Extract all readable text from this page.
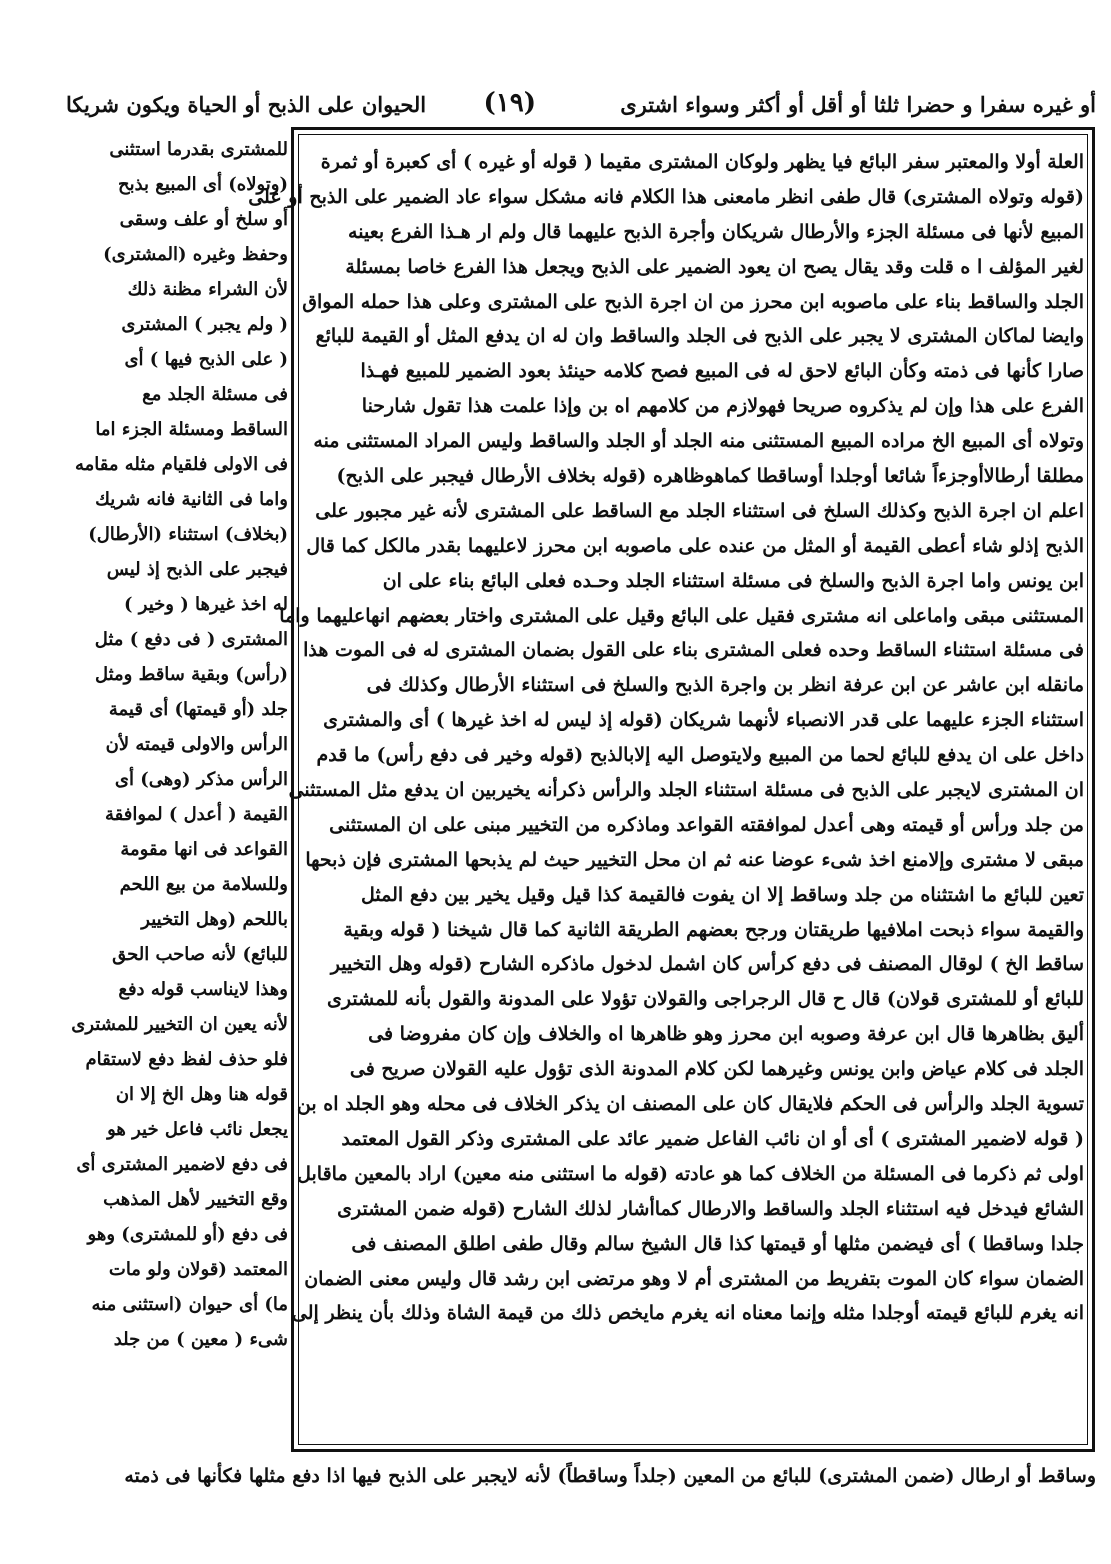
أو غيره سفرا و حضرا ثلثا أو أقل أو أكثر وسواء اشترى
(١٩)
الحيوان على الذبح أو الحياة ويكون شريكا
العلة أولا والمعتبر سفر البائع فيا يظهر ولوكان المشترى مقيما ( قوله أو غيره ) أى كعبرة أو ثمرة
(قوله وتولاه المشترى) قال طفى انظر مامعنى هذا الكلام فانه مشكل سواء عاد الضمير على الذبح أو على
المبيع لأنها فى مسئلة الجزء والأرطال شريكان وأجرة الذبح عليهما قال ولم ار هـذا الفرع بعينه
لغير المؤلف ا ه قلت وقد يقال يصح ان يعود الضمير على الذبح ويجعل هذا الفرع خاصا بمسئلة
الجلد والساقط بناء على ماصوبه ابن محرز من ان اجرة الذبح على المشترى وعلى هذا حمله المواق
وايضا لماكان المشترى لا يجبر على الذبح فى الجلد والساقط وان له ان يدفع المثل أو القيمة للبائع
صارا كأنها فى ذمته وكأن البائع لاحق له فى المبيع فصح كلامه حينئذ بعود الضمير للمبيع فهـذا
الفرع على هذا وإن لم يذكروه صريحا فهولازم من كلامهم اه بن وإذا علمت هذا تقول شارحنا
وتولاه أى المبيع الخ مراده المبيع المستثنى منه الجلد أو الجلد والساقط وليس المراد المستثنى منه
مطلقا أرطالاأوجزءاً شائعا أوجلدا أوساقطا كماهوظاهره (قوله بخلاف الأرطال فيجبر على الذبح)
اعلم ان اجرة الذبح وكذلك السلخ فى استثناء الجلد مع الساقط على المشترى لأنه غير مجبور على
الذبح إذلو شاء أعطى القيمة أو المثل من عنده على ماصوبه ابن محرز لاعليهما بقدر مالكل كما قال
ابن يونس واما اجرة الذبح والسلخ فى مسئلة استثناء الجلد وحـده فعلى البائع بناء على ان
المستثنى مبقى واماعلى انه مشترى فقيل على البائع وقيل على المشترى واختار بعضهم انهاعليهما واما
فى مسئلة استثناء الساقط وحده فعلى المشترى بناء على القول بضمان المشترى له فى الموت هذا
مانقله ابن عاشر عن ابن عرفة انظر بن واجرة الذبح والسلخ فى استثناء الأرطال وكذلك فى
استثناء الجزء عليهما على قدر الانصباء لأنهما شريكان (قوله إذ ليس له اخذ غيرها ) أى والمشترى
داخل على ان يدفع للبائع لحما من المبيع ولايتوصل اليه إلابالذبح (قوله وخير فى دفع رأس) ما قدم
ان المشترى لايجبر على الذبح فى مسئلة استثناء الجلد والرأس ذكرأنه يخيربين ان يدفع مثل المستثنى
من جلد ورأس أو قيمته وهى أعدل لموافقته القواعد وماذكره من التخيير مبنى على ان المستثنى
مبقى لا مشترى وإلامنع اخذ شىء عوضا عنه ثم ان محل التخيير حيث لم يذبحها المشترى فإن ذبحها
تعين للبائع ما اشتثناه من جلد وساقط إلا ان يفوت فالقيمة كذا قيل وقيل يخير بين دفع المثل
والقيمة سواء ذبحت املافيها طريقتان ورجح بعضهم الطريقة الثانية كما قال شيخنا ( قوله وبقية
ساقط الخ ) لوقال المصنف فى دفع كرأس كان اشمل لدخول ماذكره الشارح (قوله وهل التخيير
للبائع أو للمشترى قولان) قال ح قال الرجراجى والقولان تؤولا على المدونة والقول بأنه للمشترى
أليق بظاهرها قال ابن عرفة وصوبه ابن محرز وهو ظاهرها اه والخلاف وإن كان مفروضا فى
الجلد فى كلام عياض وابن يونس وغيرهما لكن كلام المدونة الذى تؤول عليه القولان صريح فى
تسوية الجلد والرأس فى الحكم فلايقال كان على المصنف ان يذكر الخلاف فى محله وهو الجلد اه بن
( قوله لاضمير المشترى ) أى أو ان نائب الفاعل ضمير عائد على المشترى وذكر القول المعتمد
اولى ثم ذكرما فى المسئلة من الخلاف كما هو عادته (قوله ما استثنى منه معين) اراد بالمعين ماقابل
الشائع فيدخل فيه استثناء الجلد والساقط والارطال كماأشار لذلك الشارح (قوله ضمن المشترى
جلدا وساقطا ) أى فيضمن مثلها أو قيمتها كذا قال الشيخ سالم وقال طفى اطلق المصنف فى
الضمان سواء كان الموت بتفريط من المشترى أم لا وهو مرتضى ابن رشد قال وليس معنى الضمان
انه يغرم للبائع قيمته أوجلدا مثله وإنما معناه انه يغرم مايخص ذلك من قيمة الشاة وذلك بأن ينظر إلى
للمشترى بقدرما استثنى
(وتولاه) أى المبيع بذبح
أو سلخ أو علف وسقى
وحفظ وغيره (المشترى)
لأن الشراء مظنة ذلك
( ولم يجبر ) المشترى
( على الذبح فيها ) أى
فى مسئلة الجلد مع
الساقط ومسئلة الجزء اما
فى الاولى فلقيام مثله مقامه
واما فى الثانية فانه شريك
(بخلاف) استثناء (الأرطال)
فيجبر على الذبح إذ ليس
له اخذ غيرها ( وخير )
المشترى ( فى دفع ) مثل
(رأس) وبقية ساقط ومثل
جلد (أو قيمتها) أى قيمة
الرأس والاولى قيمته لأن
الرأس مذكر (وهى) أى
القيمة ( أعدل ) لموافقة
القواعد فى انها مقومة
وللسلامة من بيع اللحم
باللحم (وهل التخيير
للبائع) لأنه صاحب الحق
وهذا لايناسب قوله دفع
لأنه يعين ان التخيير للمشترى
فلو حذف لفظ دفع لاستقام
قوله هنا وهل الخ إلا ان
يجعل نائب فاعل خير هو
فى دفع لاضمير المشترى أى
وقع التخيير لأهل المذهب
فى دفع (أو للمشترى) وهو
المعتمد (قولان ولو مات
ما) أى حيوان (استثنى منه
شىء ( معين ) من جلد
وساقط أو ارطال (ضمن المشترى) للبائع من المعين (جلداً وساقطاً) لأنه لايجبر على الذبح فيها اذا دفع مثلها فكأنها فى ذمته
